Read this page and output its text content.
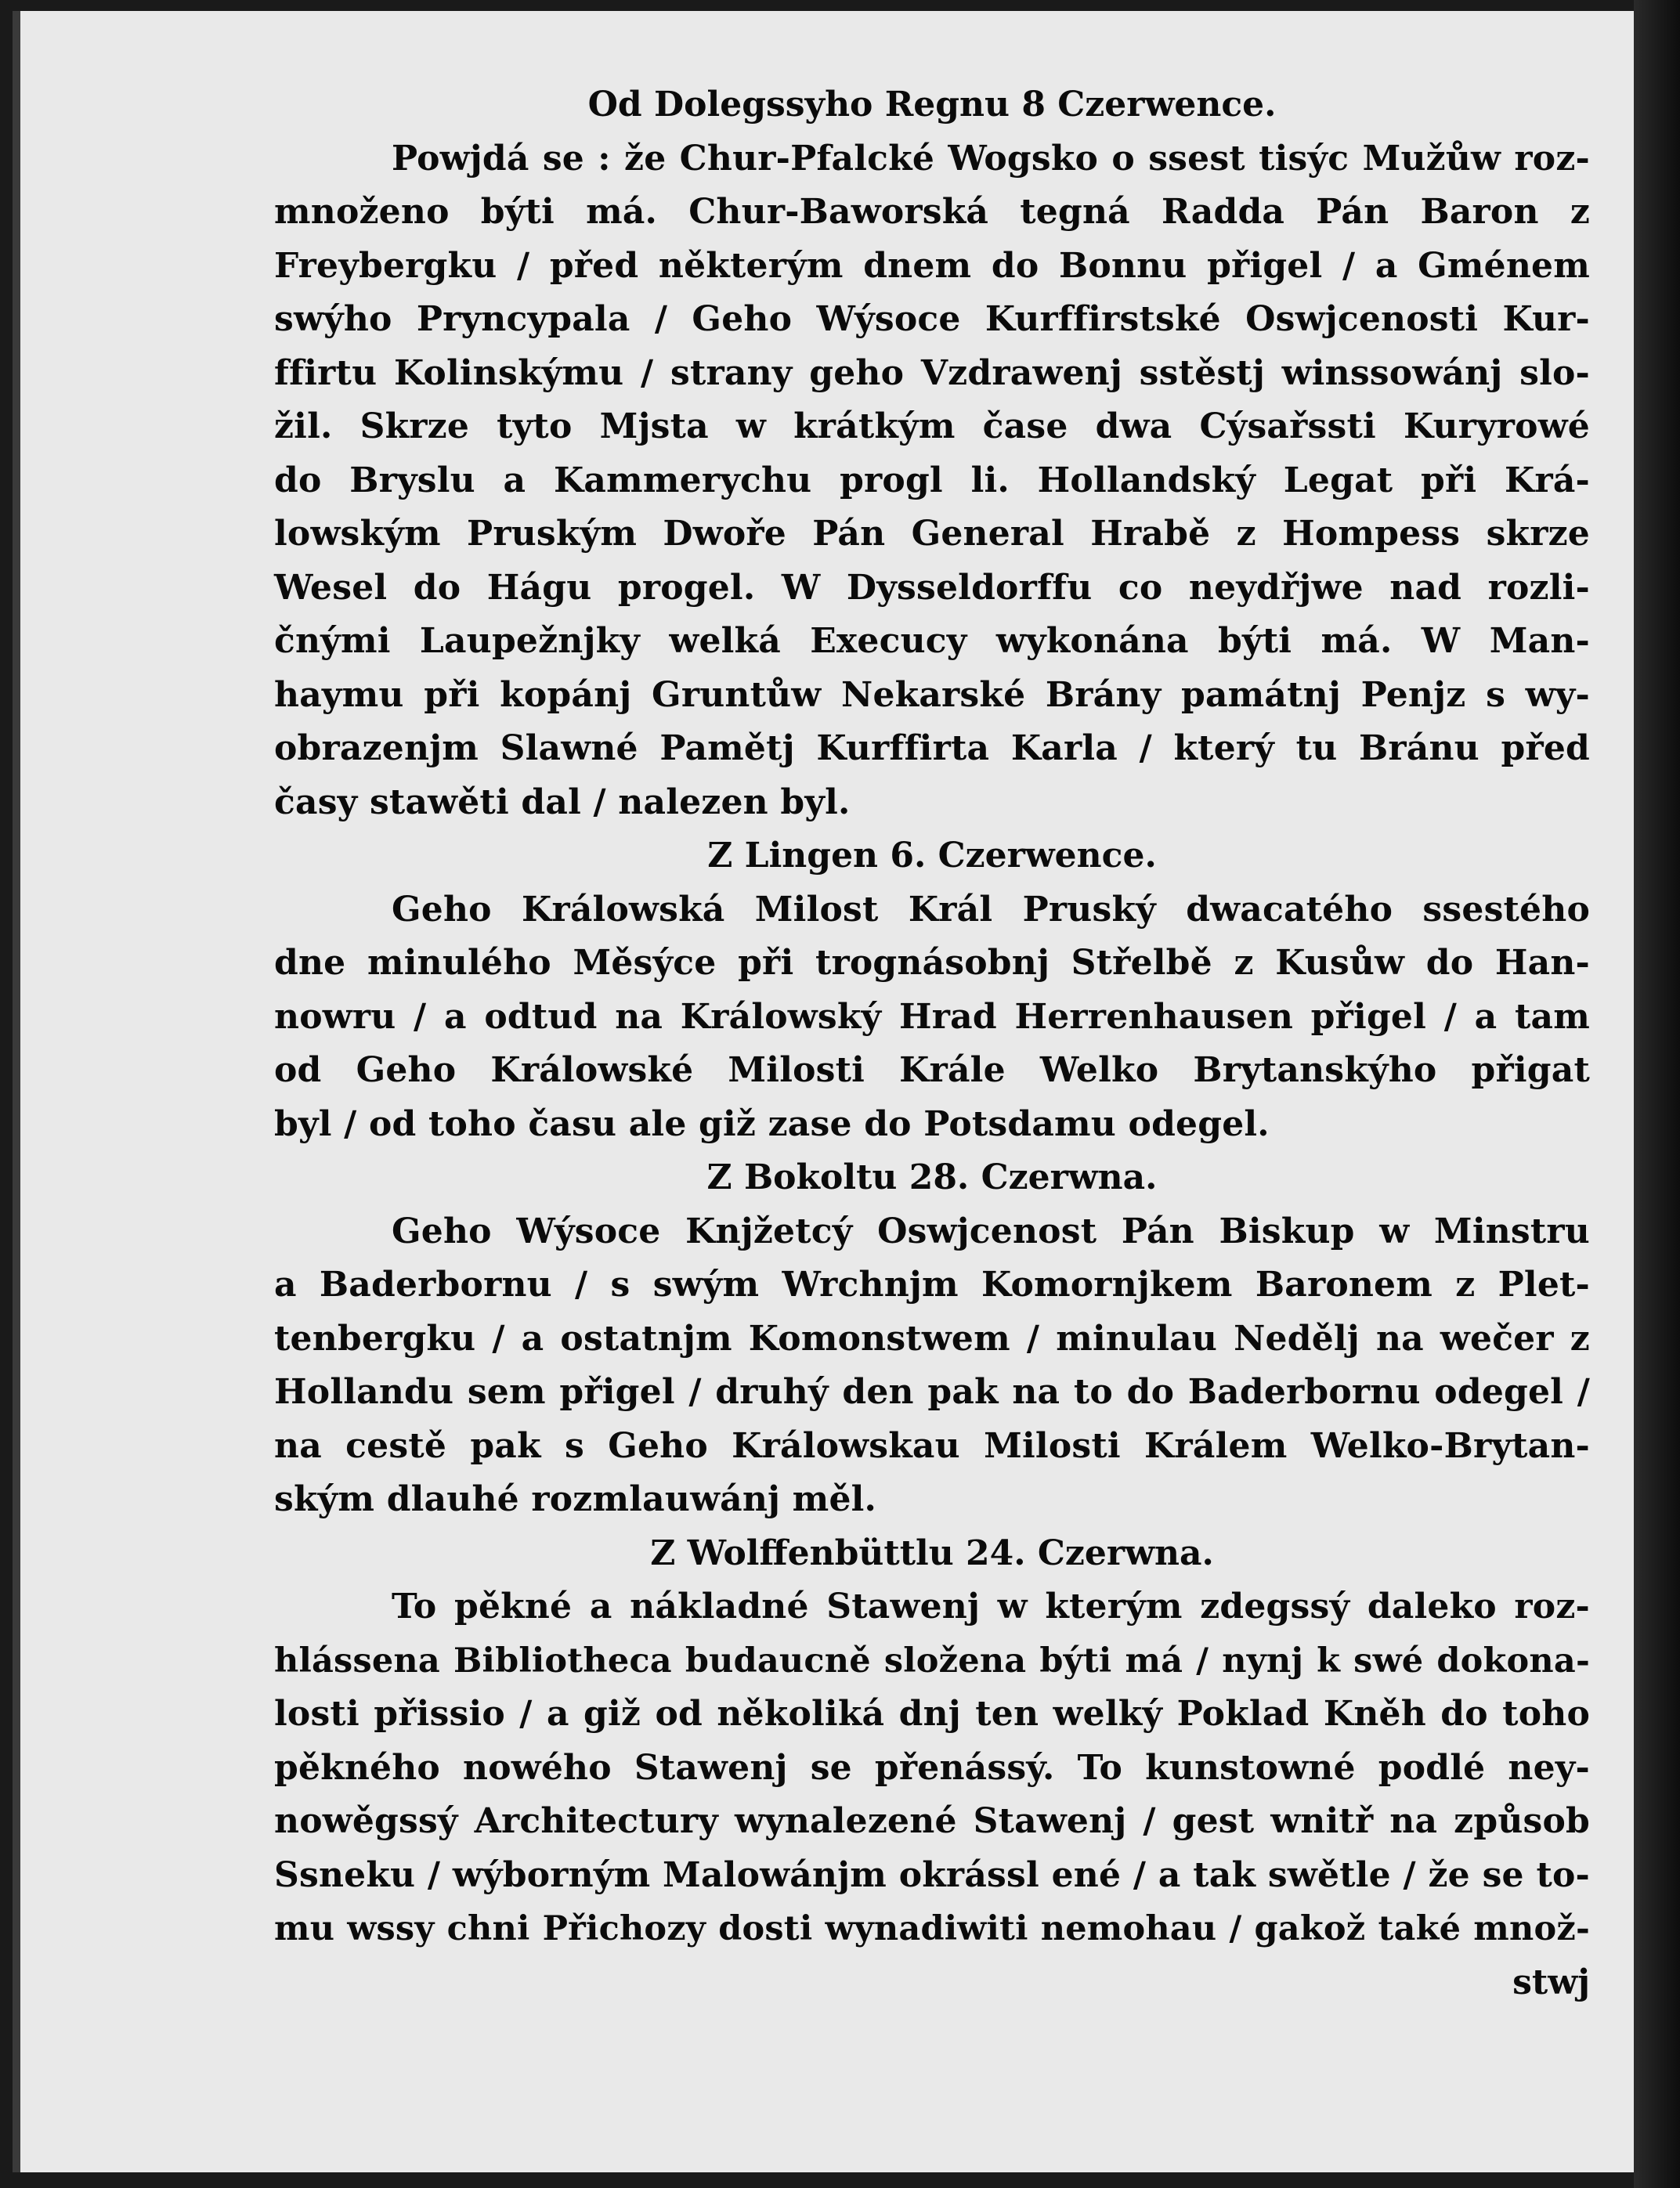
Od Dolegssyho Regnu 8 Czerwence.

Powjdá se : že Chur-Pfalcké Wogsko o ssest tisýc Mužůw roz-

množeno býti má. Chur-Baworská tegná Radda Pán Baron z

Freybergku / před některým dnem do Bonnu přigel / a Gménem

swýho Pryncypala / Geho Wýsoce Kurffirstské Oswjcenosti Kur-

ffirtu Kolinskýmu / strany geho Vzdrawenj sstěstj winssowánj slo-

žil. Skrze tyto Mjsta w krátkým čase dwa Cýsařssti Kuryrowé

do Bryslu a Kammerychu progl li. Hollandský Legat při Krá-

lowským Pruským Dwoře Pán General Hrabě z Hompess skrze

Wesel do Hágu progel. W Dysseldorffu co neydřjwe nad rozli-

čnými Laupežnjky welká Execucy wykonána býti má. W Man-

haymu při kopánj Gruntůw Nekarské Brány památnj Penjz s wy-

obrazenjm Slawné Pamětj Kurffirta Karla / který tu Bránu před

časy stawěti dal / nalezen byl.

Z Lingen 6. Czerwence.

Geho Králowská Milost Král Pruský dwacatého ssestého

dne minulého Měsýce při trognásobnj Střelbě z Kusůw do Han-

nowru / a odtud na Králowský Hrad Herrenhausen přigel / a tam

od Geho Králowské Milosti Krále Welko Brytanskýho přigat

byl / od toho času ale giž zase do Potsdamu odegel.

Z Bokoltu 28. Czerwna.

Geho Wýsoce Knjžetcý Oswjcenost Pán Biskup w Minstru

a Baderbornu / s swým Wrchnjm Komornjkem Baronem z Plet-

tenbergku / a ostatnjm Komonstwem / minulau Nedělj na wečer z

Hollandu sem přigel / druhý den pak na to do Baderbornu odegel /

na cestě pak s Geho Králowskau Milosti Králem Welko-Brytan-

ským dlauhé rozmlauwánj měl.

Z Wolffenbüttlu 24. Czerwna.

To pěkné a nákladné Stawenj w kterým zdegssý daleko roz-

hlássena Bibliotheca budaucně složena býti má / nynj k swé dokona-

losti přissio / a giž od několiká dnj ten welký Poklad Kněh do toho

pěkného nowého Stawenj se přenássý. To kunstowné podlé ney-

nowěgssý Architectury wynalezené Stawenj / gest wnitř na způsob

Ssneku / wýborným Malowánjm okrássl ené / a tak swětle / že se to-

mu wssy chni Přichozy dosti wynadiwiti nemohau / gakož také množ-

stwj
